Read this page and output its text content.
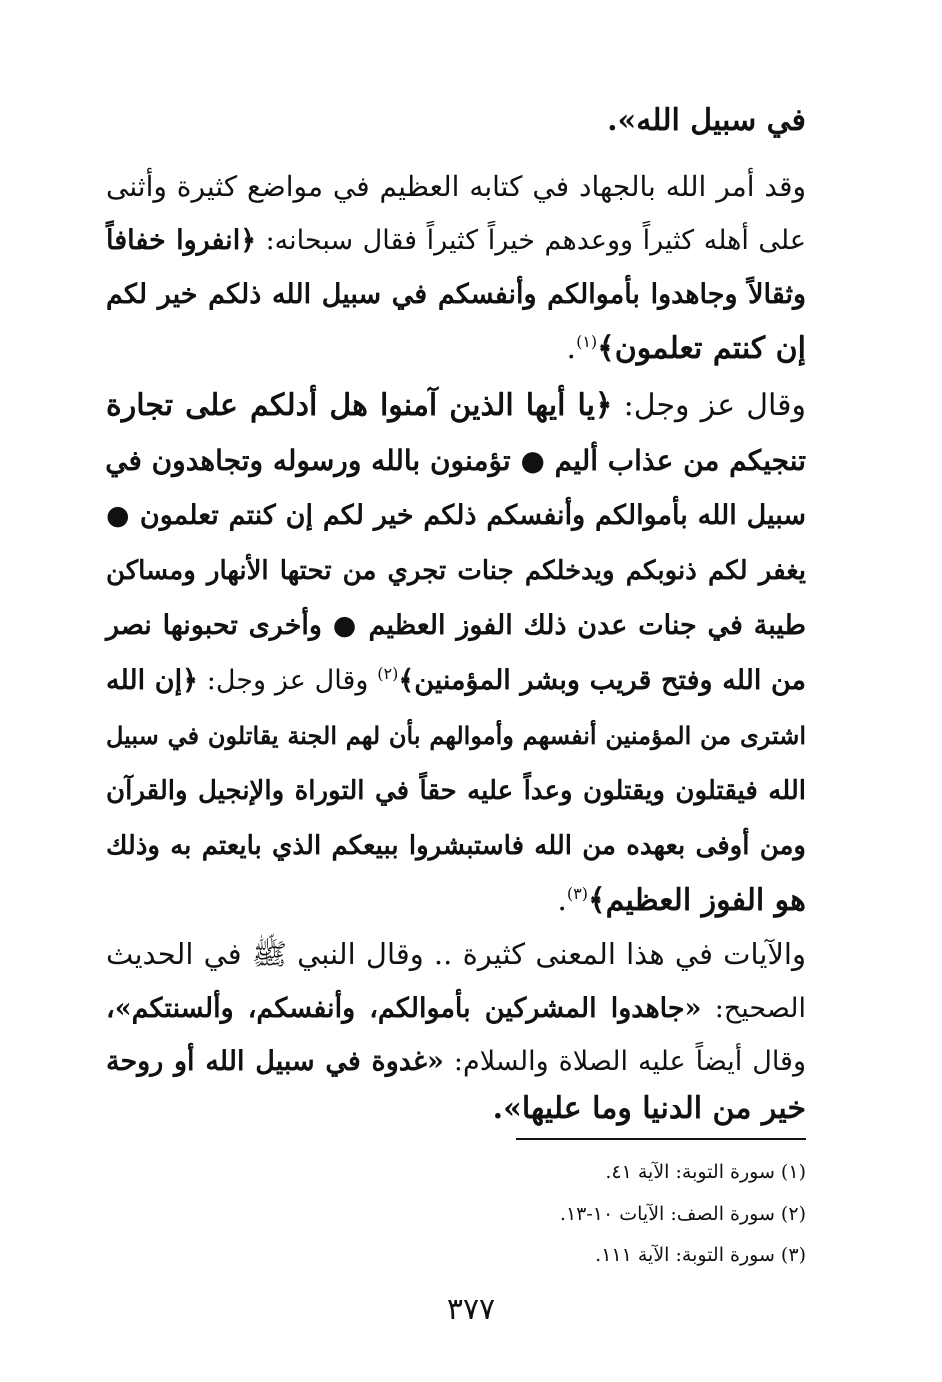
في سبيل الله».
وقد أمر الله بالجهاد في كتابه العظيم في مواضع كثيرة وأثنى
على أهله كثيراً ووعدهم خيراً كثيراً فقال سبحانه: ﴿انفروا خفافاً
وثقالاً وجاهدوا بأموالكم وأنفسكم في سبيل الله ذلكم خير لكم
إن كنتم تعلمون﴾$^{(١)}$.
وقال عز وجل: ﴿يا أيها الذين آمنوا هل أدلكم على تجارة
تنجيكم من عذاب أليم ● تؤمنون بالله ورسوله وتجاهدون في
سبيل الله بأموالكم وأنفسكم ذلكم خير لكم إن كنتم تعلمون ●
يغفر لكم ذنوبكم ويدخلكم جنات تجري من تحتها الأنهار ومساكن
طيبة في جنات عدن ذلك الفوز العظيم ● وأخرى تحبونها نصر
من الله وفتح قريب وبشر المؤمنين﴾$^{(٢)}$ وقال عز وجل: ﴿إن الله
اشترى من المؤمنين أنفسهم وأموالهم بأن لهم الجنة يقاتلون في سبيل
الله فيقتلون ويقتلون وعداً عليه حقاً في التوراة والإنجيل والقرآن
ومن أوفى بعهده من الله فاستبشروا ببيعكم الذي بايعتم به وذلك
هو الفوز العظيم﴾$^{(٣)}$.
والآيات في هذا المعنى كثيرة .. وقال النبي ﷺ في الحديث
الصحيح: «جاهدوا المشركين بأموالكم، وأنفسكم، وألسنتكم»،
وقال أيضاً عليه الصلاة والسلام: «غدوة في سبيل الله أو روحة
خير من الدنيا وما عليها».
(١) سورة التوبة: الآية ٤١.
(٢) سورة الصف: الآيات ١٠-١٣.
(٣) سورة التوبة: الآية ١١١.
٣٧٧
